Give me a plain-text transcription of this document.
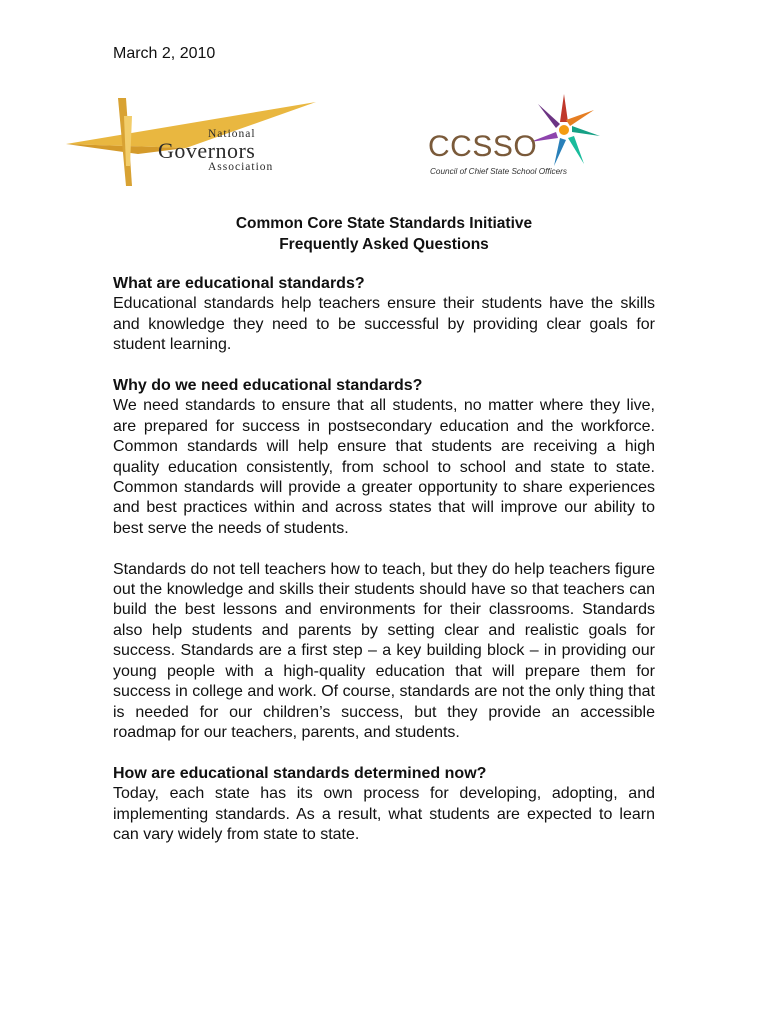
March 2, 2010
National
Governors
Association
CCSSO
Council of Chief State School Officers
Common Core State Standards Initiative
Frequently Asked Questions

What are educational standards?

Educational standards help teachers ensure their students have the skills and knowledge they need to be successful by providing clear goals for student learning.

Why do we need educational standards?

We need standards to ensure that all students, no matter where they live, are prepared for success in postsecondary education and the workforce. Common standards will help ensure that students are receiving a high quality education consistently, from school to school and state to state. Common standards will provide a greater opportunity to share experiences and best practices within and across states that will improve our ability to best serve the needs of students.

Standards do not tell teachers how to teach, but they do help teachers figure out the knowledge and skills their students should have so that teachers can build the best lessons and environments for their classrooms. Standards also help students and parents by setting clear and realistic goals for success. Standards are a first step – a key building block – in providing our young people with a high-quality education that will prepare them for success in college and work. Of course, standards are not the only thing that is needed for our children’s success, but they provide an accessible roadmap for our teachers, parents, and students.

How are educational standards determined now?

Today, each state has its own process for developing, adopting, and implementing standards. As a result, what students are expected to learn can vary widely from state to state.
